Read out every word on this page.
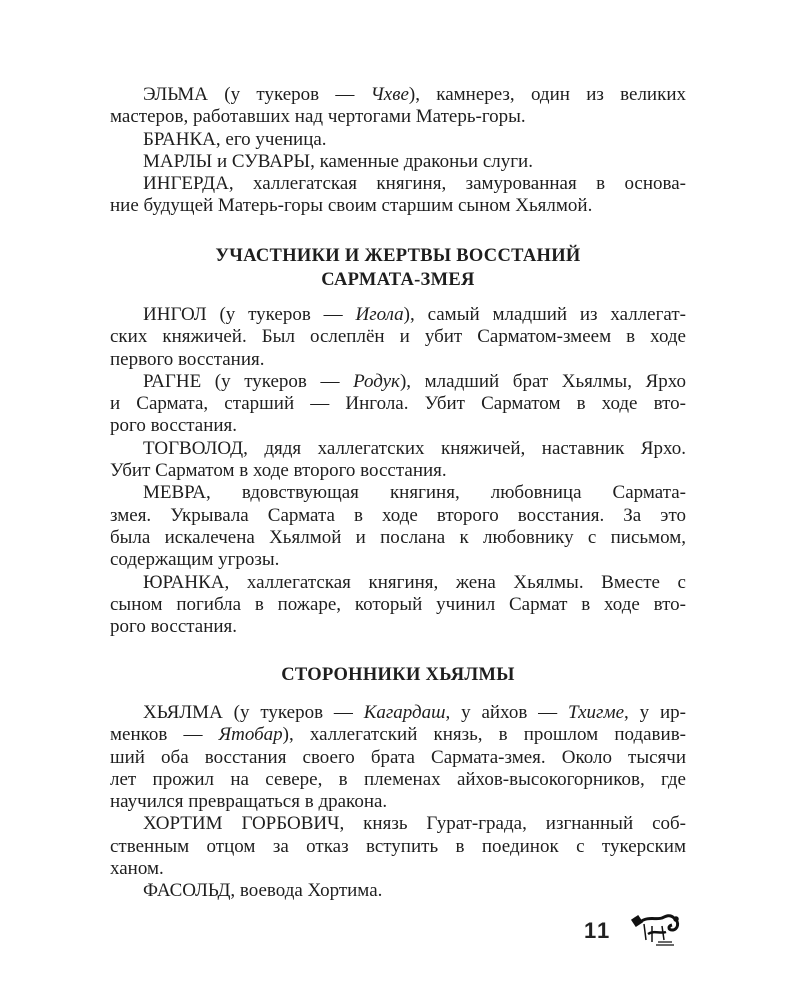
ЭЛЬМА (у тукеров — Чхве), камнерез, один из великих
мастеров, работавших над чертогами Матерь-горы.
БРАНКА, его ученица.
МАРЛЫ и СУВАРЫ, каменные драконьи слуги.
ИНГЕРДА, халлегатская княгиня, замурованная в основа-
ние будущей Матерь-горы своим старшим сыном Хьялмой.
УЧАСТНИКИ И ЖЕРТВЫ ВОССТАНИЙ
САРМАТА-ЗМЕЯ
ИНГОЛ (у тукеров — Игола), самый младший из халлегат-
ских княжичей. Был ослеплён и убит Сарматом-змеем в ходе
первого восстания.
РАГНЕ (у тукеров — Родук), младший брат Хьялмы, Ярхо
и Сармата, старший — Ингола. Убит Сарматом в ходе вто-
рого восстания.
ТОГВОЛОД, дядя халлегатских княжичей, наставник Ярхо.
Убит Сарматом в ходе второго восстания.
МЕВРА, вдовствующая княгиня, любовница Сармата-
змея. Укрывала Сармата в ходе второго восстания. За это
была искалечена Хьялмой и послана к любовнику с письмом,
содержащим угрозы.
ЮРАНКА, халлегатская княгиня, жена Хьялмы. Вместе с
сыном погибла в пожаре, который учинил Сармат в ходе вто-
рого восстания.
СТОРОННИКИ ХЬЯЛМЫ
ХЬЯЛМА (у тукеров — Кагардаш, у айхов — Тхигме, у ир-
менков — Ятобар), халлегатский князь, в прошлом подавив-
ший оба восстания своего брата Сармата-змея. Около тысячи
лет прожил на севере, в племенах айхов-высокогорников, где
научился превращаться в дракона.
ХОРТИМ ГОРБОВИЧ, князь Гурат-града, изгнанный соб-
ственным отцом за отказ вступить в поединок с тукерским
ханом.
ФАСОЛЬД, воевода Хортима.
11
